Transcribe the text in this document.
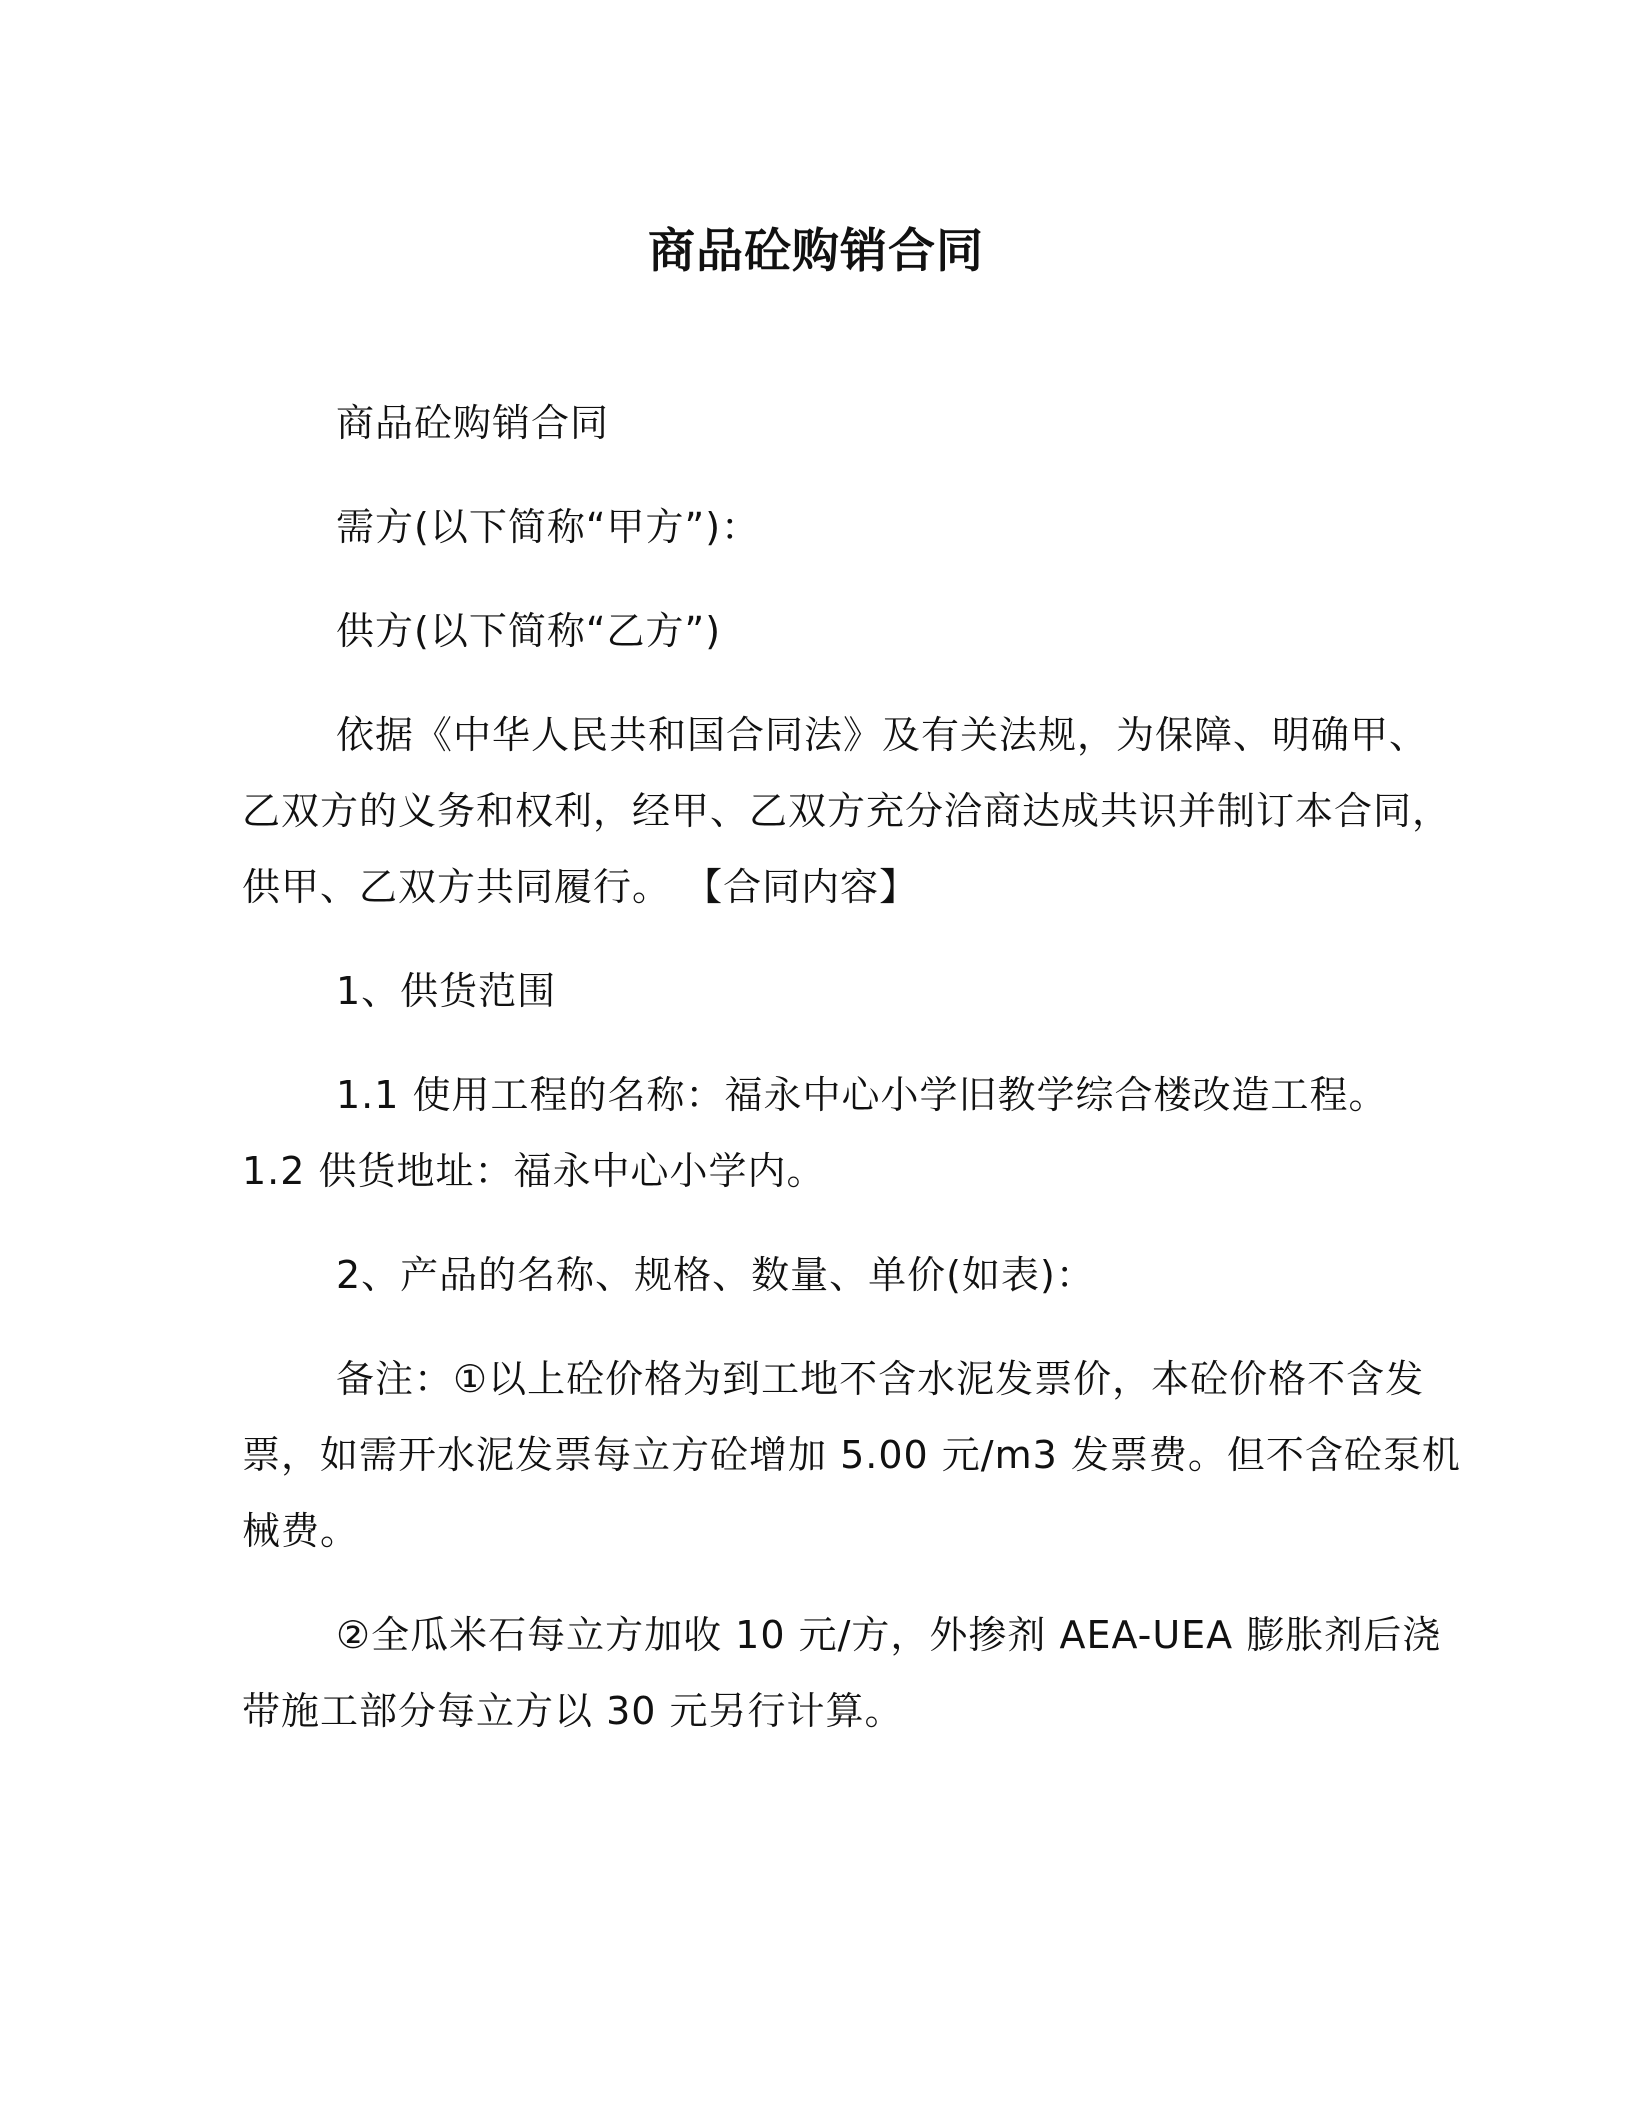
商品砼购销合同
商品砼购销合同
需方(以下简称“甲方”)：
供方(以下简称“乙方”)
依据《中华人民共和国合同法》及有关法规，为保障、明确甲、
乙双方的义务和权利，经甲、乙双方充分洽商达成共识并制订本合同，
供甲、乙双方共同履行。 【合同内容】
1、供货范围
1.1 使用工程的名称：福永中心小学旧教学综合楼改造工程。
1.2 供货地址：福永中心小学内。
2、产品的名称、规格、数量、单价(如表)：
备注：①以上砼价格为到工地不含水泥发票价，本砼价格不含发
票，如需开水泥发票每立方砼增加 5.00 元/m3 发票费。但不含砼泵机
械费。
②全瓜米石每立方加收 10 元/方，外掺剂 AEA-UEA 膨胀剂后浇
带施工部分每立方以 30 元另行计算。
